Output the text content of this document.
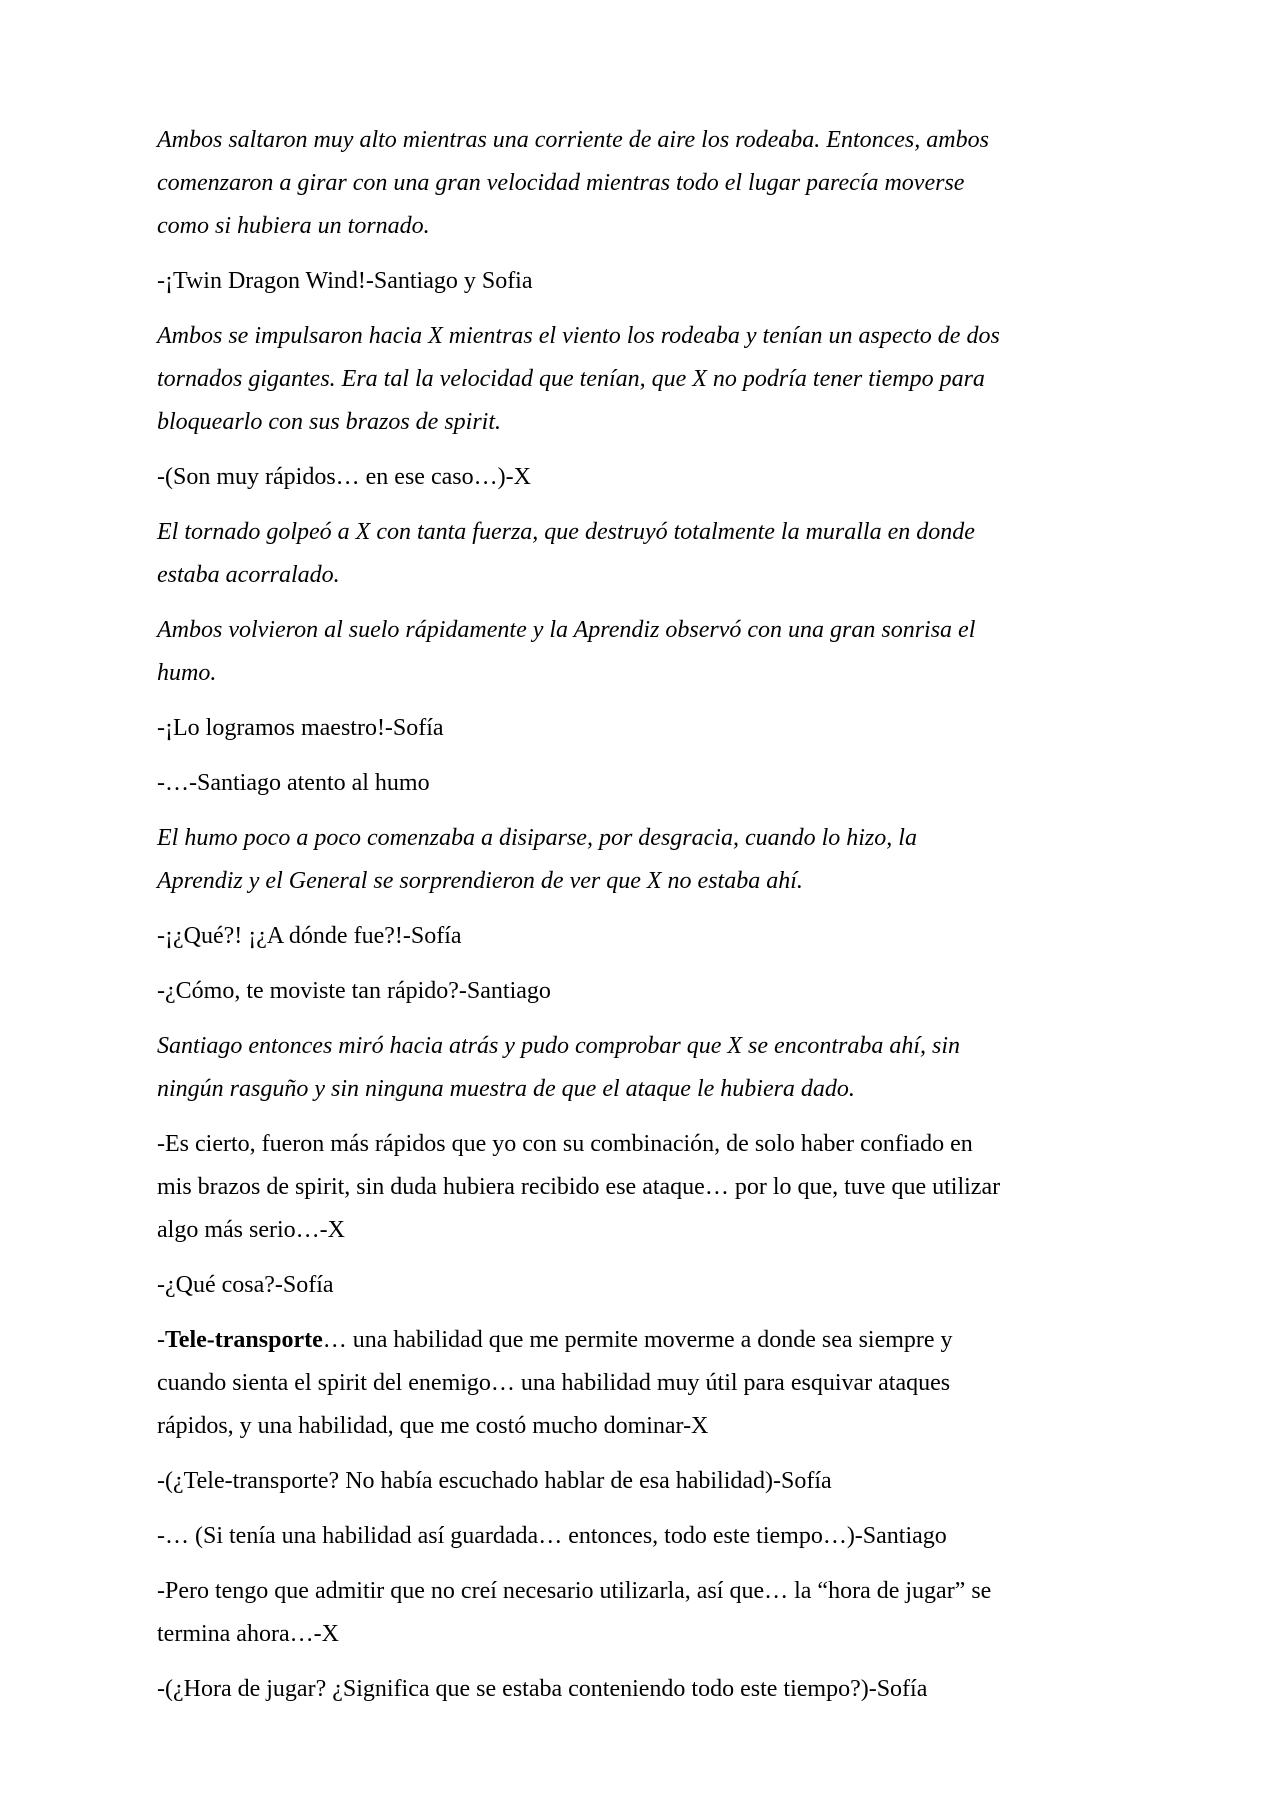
Ambos saltaron muy alto mientras una corriente de aire los rodeaba. Entonces, ambos
comenzaron a girar con una gran velocidad mientras todo el lugar parecía moverse
como si hubiera un tornado.

-¡Twin Dragon Wind!-Santiago y Sofia

Ambos se impulsaron hacia X mientras el viento los rodeaba y tenían un aspecto de dos
tornados gigantes. Era tal la velocidad que tenían, que X no podría tener tiempo para
bloquearlo con sus brazos de spirit.

-(Son muy rápidos… en ese caso…)-X

El tornado golpeó a X con tanta fuerza, que destruyó totalmente la muralla en donde
estaba acorralado.

Ambos volvieron al suelo rápidamente y la Aprendiz observó con una gran sonrisa el
humo.

-¡Lo logramos maestro!-Sofía

-…-Santiago atento al humo

El humo poco a poco comenzaba a disiparse, por desgracia, cuando lo hizo, la
Aprendiz y el General se sorprendieron de ver que X no estaba ahí.

-¡¿Qué?! ¡¿A dónde fue?!-Sofía

-¿Cómo, te moviste tan rápido?-Santiago

Santiago entonces miró hacia atrás y pudo comprobar que X se encontraba ahí, sin
ningún rasguño y sin ninguna muestra de que el ataque le hubiera dado.

-Es cierto, fueron más rápidos que yo con su combinación, de solo haber confiado en
mis brazos de spirit, sin duda hubiera recibido ese ataque… por lo que, tuve que utilizar
algo más serio…-X

-¿Qué cosa?-Sofía

-Tele-transporte… una habilidad que me permite moverme a donde sea siempre y
cuando sienta el spirit del enemigo… una habilidad muy útil para esquivar ataques
rápidos, y una habilidad, que me costó mucho dominar-X

-(¿Tele-transporte? No había escuchado hablar de esa habilidad)-Sofía

-… (Si tenía una habilidad así guardada… entonces, todo este tiempo…)-Santiago

-Pero tengo que admitir que no creí necesario utilizarla, así que… la “hora de jugar” se
termina ahora…-X

-(¿Hora de jugar? ¿Significa que se estaba conteniendo todo este tiempo?)-Sofía
